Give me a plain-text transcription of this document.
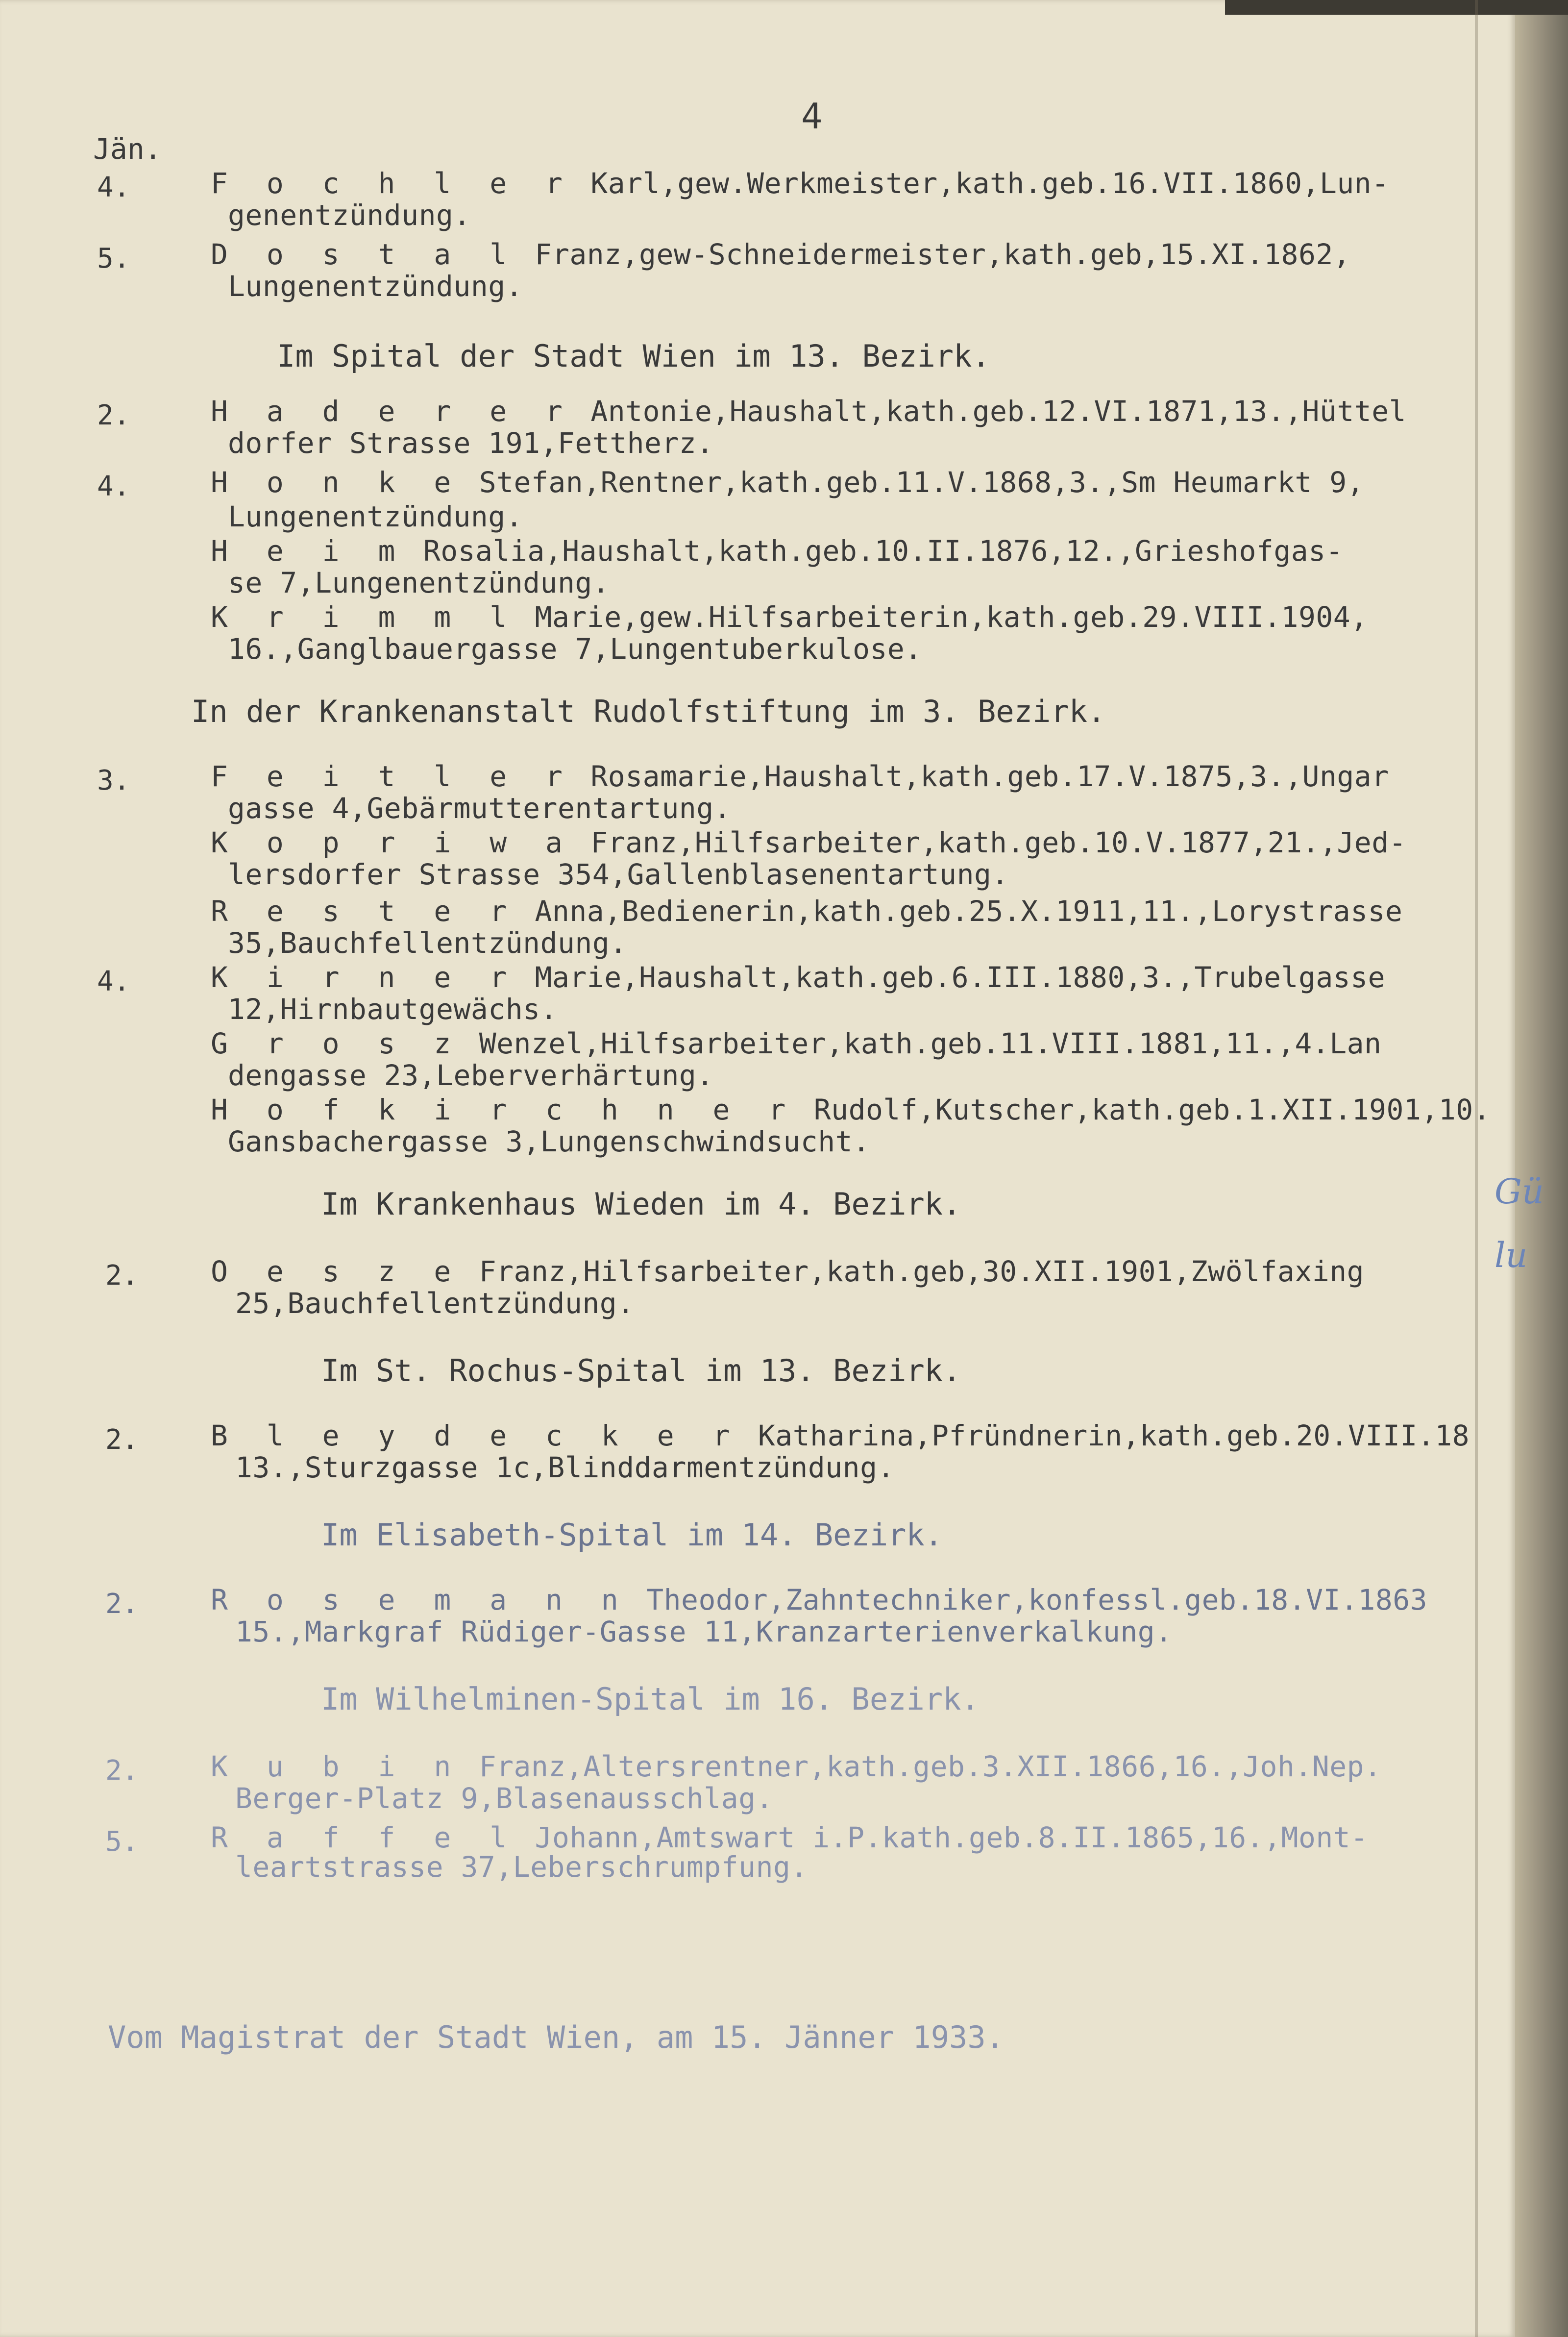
Gü
lu
4
Jän.
4.	F o c h l e r Karl,gew.Werkmeister,kath.geb.16.VII.1860,Lun-
genentzündung.
5.	D o s t a l Franz,gew-Schneidermeister,kath.geb,15.XI.1862,
Lungenentzündung.
Im Spital der Stadt Wien im 13. Bezirk.
2.	H a d e r e r Antonie,Haushalt,kath.geb.12.VI.1871,13.,Hüttel
dorfer Strasse 191,Fettherz.
4.	H o n k e Stefan,Rentner,kath.geb.11.V.1868,3.,Sm Heumarkt 9,
Lungenentzündung.
H e i m Rosalia,Haushalt,kath.geb.10.II.1876,12.,Grieshofgas-
se 7,Lungenentzündung.
K r i m m l Marie,gew.Hilfsarbeiterin,kath.geb.29.VIII.1904,
16.,Ganglbauergasse 7,Lungentuberkulose.
In der Krankenanstalt Rudolfstiftung im 3. Bezirk.
3.	F e i t l e r Rosamarie,Haushalt,kath.geb.17.V.1875,3.,Ungar
gasse 4,Gebärmutterentartung.
K o p r i w a Franz,Hilfsarbeiter,kath.geb.10.V.1877,21.,Jed-
lersdorfer Strasse 354,Gallenblasenentartung.
R e s t e r Anna,Bedienerin,kath.geb.25.X.1911,11.,Lorystrasse
35,Bauchfellentzündung.
4.	K i r n e r Marie,Haushalt,kath.geb.6.III.1880,3.,Trubelgasse
12,Hirnbautgewächs.
G r o s z Wenzel,Hilfsarbeiter,kath.geb.11.VIII.1881,11.,4.Lan
dengasse 23,Leberverhärtung.
H o f k i r c h n e r Rudolf,Kutscher,kath.geb.1.XII.1901,10.
Gansbachergasse 3,Lungenschwindsucht.
Im Krankenhaus Wieden im 4. Bezirk.
2.	O e s z e Franz,Hilfsarbeiter,kath.geb,30.XII.1901,Zwölfaxing
25,Bauchfellentzündung.
Im St. Rochus-Spital im 13. Bezirk.
2.	B l e y d e c k e r Katharina,Pfründnerin,kath.geb.20.VIII.18
13.,Sturzgasse 1c,Blinddarmentzündung.
Im Elisabeth-Spital im 14. Bezirk.
2.	R o s e m a n n Theodor,Zahntechniker,konfessl.geb.18.VI.1863
15.,Markgraf Rüdiger-Gasse 11,Kranzarterienverkalkung.
Im Wilhelminen-Spital im 16. Bezirk.
2.	K u b i n Franz,Altersrentner,kath.geb.3.XII.1866,16.,Joh.Nep.
Berger-Platz 9,Blasenausschlag.
5.	R a f f e l Johann,Amtswart i.P.kath.geb.8.II.1865,16.,Mont-
leartstrasse 37,Leberschrumpfung.
Vom Magistrat der Stadt Wien, am 15. Jänner 1933.
